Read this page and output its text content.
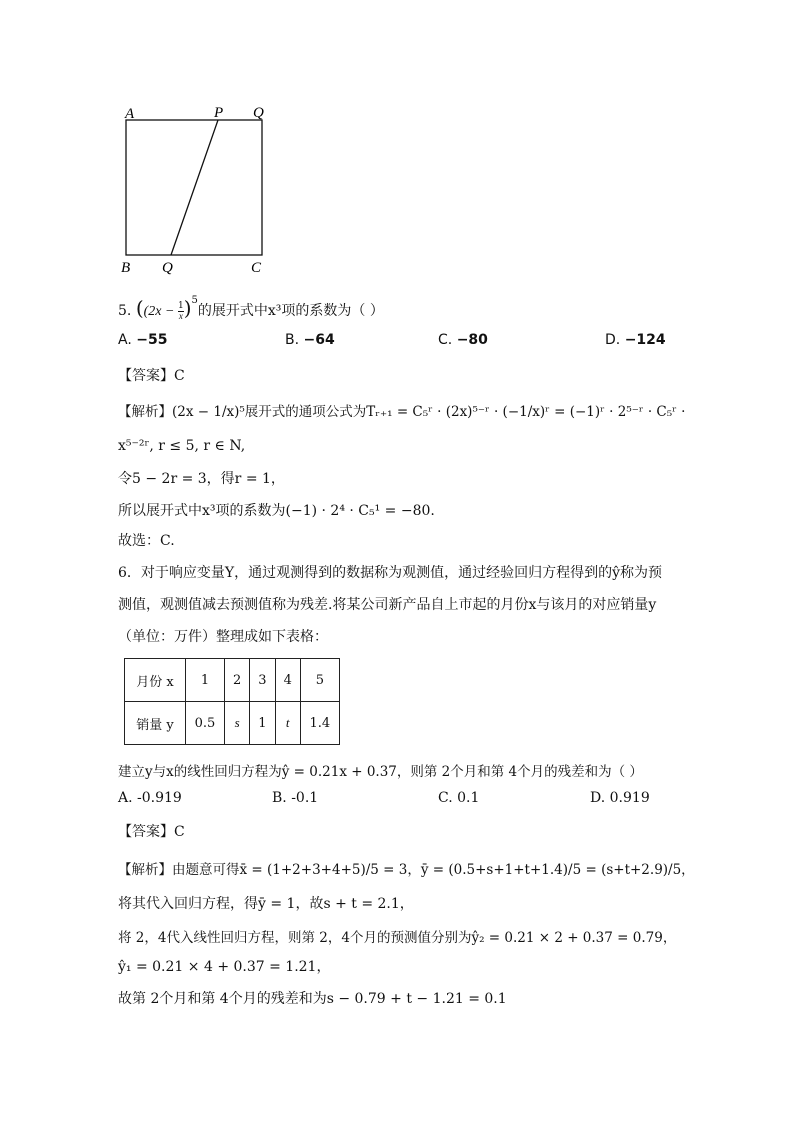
A	P Q
B Q	C
5. ($(2x - \frac{1}{x} )^5$的展开式中x³项的系数为（ ）
A. −55	B. −64	C. −80	D. −124
【答案】C
【解析】(2x − 1/x)⁵展开式的通项公式为Tᵣ₊₁ = C₅ʳ · (2x)⁵⁻ʳ · (−1/x)ʳ = (−1)ʳ · 2⁵⁻ʳ · C₅ʳ ·
x⁵⁻²ʳ, r ≤ 5, r ∈ N,
令5 − 2r = 3，得r = 1，
所以展开式中x³项的系数为(−1) · 2⁴ · C₅¹ = −80.
故选：C.
6．对于响应变量Y，通过观测得到的数据称为观测值，通过经验回归方程得到的ŷ称为预
测值，观测值减去预测值称为残差.将某公司新产品自上市起的月份x与该月的对应销量y
（单位：万件）整理成如下表格：
月份 x	1	2	3	4	5
销量 y	0.5	s	1	t	1.4
建立y与x的线性回归方程为ŷ = 0.21x + 0.37，则第 2个月和第 4个月的残差和为（ ）
A. -0.919	B. -0.1	C. 0.1	D. 0.919
【答案】C
【解析】由题意可得x̄ = (1+2+3+4+5)/5 = 3，ȳ = (0.5+s+1+t+1.4)/5 = (s+t+2.9)/5，
将其代入回归方程，得ȳ = 1，故s + t = 2.1，
将 2，4代入线性回归方程，则第 2，4个月的预测值分别为ŷ₂ = 0.21 × 2 + 0.37 = 0.79，
ŷ₁ = 0.21 × 4 + 0.37 = 1.21，
故第 2个月和第 4个月的残差和为s − 0.79 + t − 1.21 = 0.1
